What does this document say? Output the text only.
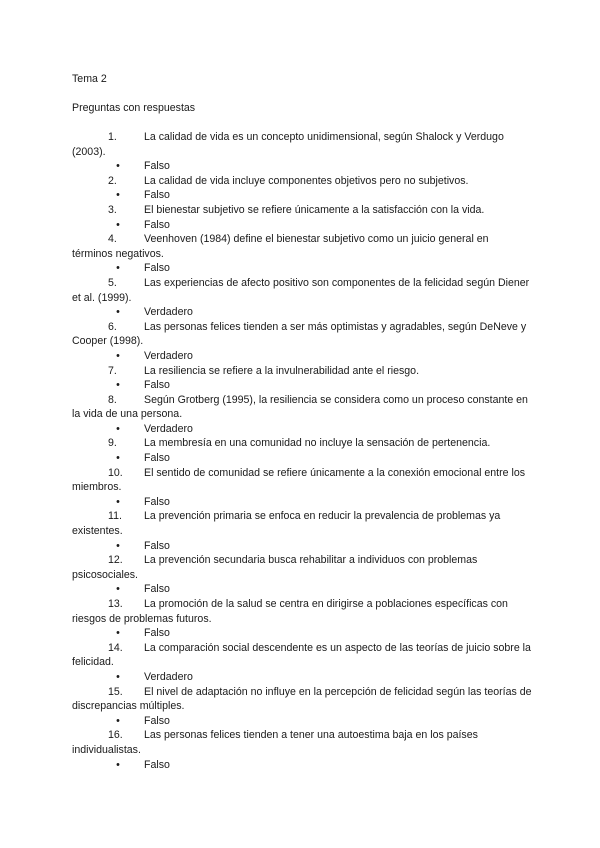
Tema 2
Preguntas con respuestas
1.	La calidad de vida es un concepto unidimensional, según Shalock y Verdugo (2003).
•	Falso
2.	La calidad de vida incluye componentes objetivos pero no subjetivos.
•	Falso
3.	El bienestar subjetivo se refiere únicamente a la satisfacción con la vida.
•	Falso
4.	Veenhoven (1984) define el bienestar subjetivo como un juicio general en términos negativos.
•	Falso
5.	Las experiencias de afecto positivo son componentes de la felicidad según Diener et al. (1999).
•	Verdadero
6.	Las personas felices tienden a ser más optimistas y agradables, según DeNeve y Cooper (1998).
•	Verdadero
7.	La resiliencia se refiere a la invulnerabilidad ante el riesgo.
•	Falso
8.	Según Grotberg (1995), la resiliencia se considera como un proceso constante en la vida de una persona.
•	Verdadero
9.	La membresía en una comunidad no incluye la sensación de pertenencia.
•	Falso
10.	El sentido de comunidad se refiere únicamente a la conexión emocional entre los miembros.
•	Falso
11.	La prevención primaria se enfoca en reducir la prevalencia de problemas ya existentes.
•	Falso
12.	La prevención secundaria busca rehabilitar a individuos con problemas psicosociales.
•	Falso
13.	La promoción de la salud se centra en dirigirse a poblaciones específicas con riesgos de problemas futuros.
•	Falso
14.	La comparación social descendente es un aspecto de las teorías de juicio sobre la felicidad.
•	Verdadero
15.	El nivel de adaptación no influye en la percepción de felicidad según las teorías de discrepancias múltiples.
•	Falso
16.	Las personas felices tienden a tener una autoestima baja en los países individualistas.
•	Falso
